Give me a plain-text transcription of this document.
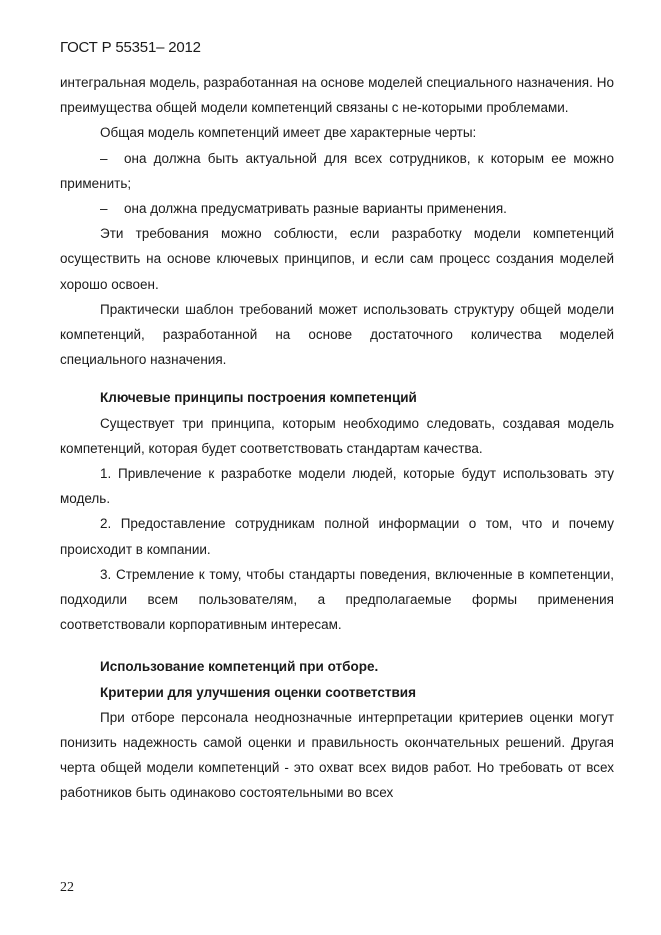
ГОСТ Р 55351– 2012

интегральная модель, разработанная на основе моделей специального назначения. Но преимущества общей модели компетенций связаны с не-которыми проблемами.

Общая модель компетенций имеет две характерные черты:

– она должна быть актуальной для всех сотрудников, к которым ее можно применить;

– она должна предусматривать разные варианты применения.

Эти требования можно соблюсти, если разработку модели компетенций осуществить на основе ключевых принципов, и если сам процесс создания моделей хорошо освоен.

Практически шаблон требований может использовать структуру общей модели компетенций, разработанной на основе достаточного количества моделей специального назначения.

Ключевые принципы построения компетенций

Существует три принципа, которым необходимо следовать, создавая модель компетенций, которая будет соответствовать стандартам качества.

1. Привлечение к разработке модели людей, которые будут использовать эту модель.

2. Предоставление сотрудникам полной информации о том, что и почему происходит в компании.

3. Стремление к тому, чтобы стандарты поведения, включенные в компетенции, подходили всем пользователям, а предполагаемые формы применения соответствовали корпоративным интересам.

Использование компетенций при отборе.

Критерии для улучшения оценки соответствия

При отборе персонала неоднозначные интерпретации критериев оценки могут понизить надежность самой оценки и правильность окончательных решений. Другая черта общей модели компетенций - это охват всех видов работ. Но требовать от всех работников быть одинаково состоятельными во всех

22
